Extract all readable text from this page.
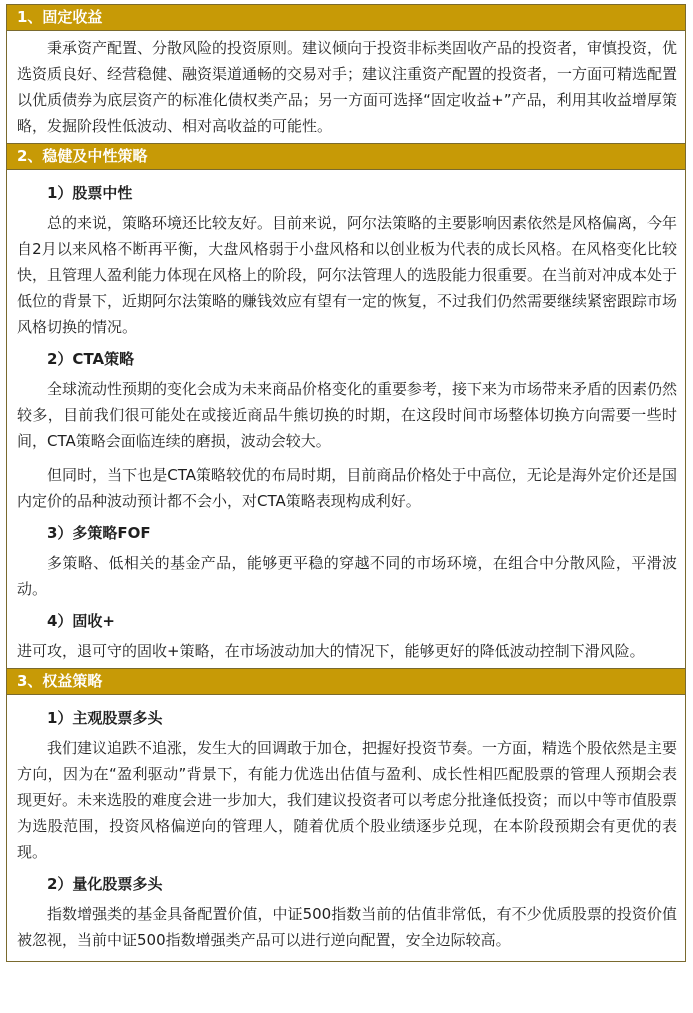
1、固定收益

秉承资产配置、分散风险的投资原则。建议倾向于投资非标类固收产品的投资者，审慎投资，优选资质良好、经营稳健、融资渠道通畅的交易对手；建议注重资产配置的投资者，一方面可精选配置以优质债券为底层资产的标准化债权类产品；另一方面可选择“固定收益+”产品，利用其收益增厚策略，发掘阶段性低波动、相对高收益的可能性。

2、稳健及中性策略
1）股票中性

总的来说，策略环境还比较友好。目前来说，阿尔法策略的主要影响因素依然是风格偏离，今年自2月以来风格不断再平衡，大盘风格弱于小盘风格和以创业板为代表的成长风格。在风格变化比较快，且管理人盈利能力体现在风格上的阶段，阿尔法管理人的选股能力很重要。在当前对冲成本处于低位的背景下，近期阿尔法策略的赚钱效应有望有一定的恢复，不过我们仍然需要继续紧密跟踪市场风格切换的情况。

2）CTA策略

全球流动性预期的变化会成为未来商品价格变化的重要参考，接下来为市场带来矛盾的因素仍然较多，目前我们很可能处在或接近商品牛熊切换的时期，在这段时间市场整体切换方向需要一些时间，CTA策略会面临连续的磨损，波动会较大。

但同时，当下也是CTA策略较优的布局时期，目前商品价格处于中高位，无论是海外定价还是国内定价的品种波动预计都不会小，对CTA策略表现构成利好。

3）多策略FOF

多策略、低相关的基金产品，能够更平稳的穿越不同的市场环境，在组合中分散风险，平滑波动。

4）固收+

进可攻，退可守的固收+策略，在市场波动加大的情况下，能够更好的降低波动控制下滑风险。

3、权益策略
1）主观股票多头

我们建议追跌不追涨，发生大的回调敢于加仓，把握好投资节奏。一方面，精选个股依然是主要方向，因为在“盈利驱动”背景下，有能力优选出估值与盈利、成长性相匹配股票的管理人预期会表现更好。未来选股的难度会进一步加大，我们建议投资者可以考虑分批逢低投资；而以中等市值股票为选股范围，投资风格偏逆向的管理人，随着优质个股业绩逐步兑现，在本阶段预期会有更优的表现。

2）量化股票多头

指数增强类的基金具备配置价值，中证500指数当前的估值非常低，有不少优质股票的投资价值被忽视，当前中证500指数增强类产品可以进行逆向配置，安全边际较高。
